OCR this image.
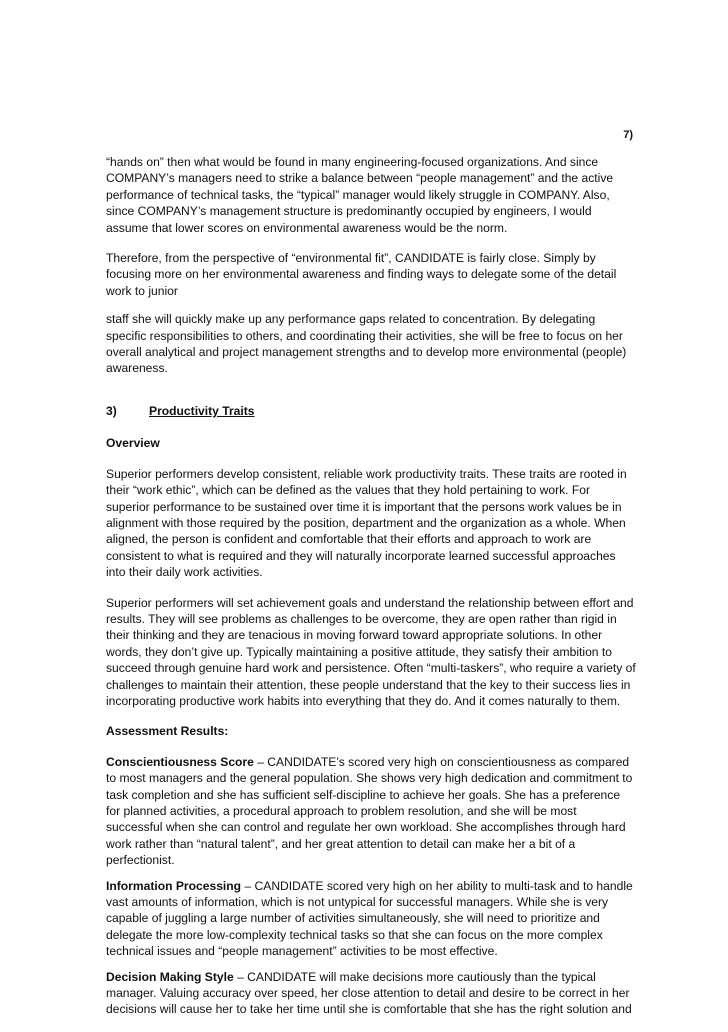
7)

“hands on” then what would be found in many engineering-focused organizations. And since COMPANY’s managers need to strike a balance between “people management” and the active performance of technical tasks, the “typical” manager would likely struggle in COMPANY. Also, since COMPANY’s management structure is predominantly occupied by engineers, I would assume that lower scores on environmental awareness would be the norm.

Therefore, from the perspective of “environmental fit”, CANDIDATE is fairly close. Simply by focusing more on her environmental awareness and finding ways to delegate some of the detail work to junior

staff she will quickly make up any performance gaps related to concentration. By delegating specific responsibilities to others, and coordinating their activities, she will be free to focus on her overall analytical and project management strengths and to develop more environmental (people) awareness.

3)	Productivity Traits
Overview

Superior performers develop consistent, reliable work productivity traits. These traits are rooted in their “work ethic”, which can be defined as the values that they hold pertaining to work. For superior performance to be sustained over time it is important that the persons work values be in alignment with those required by the position, department and the organization as a whole. When aligned, the person is confident and comfortable that their efforts and approach to work are consistent to what is required and they will naturally incorporate learned successful approaches into their daily work activities.

Superior performers will set achievement goals and understand the relationship between effort and results. They will see problems as challenges to be overcome, they are open rather than rigid in their thinking and they are tenacious in moving forward toward appropriate solutions. In other words, they don’t give up. Typically maintaining a positive attitude, they satisfy their ambition to succeed through genuine hard work and persistence. Often “multi-taskers”, who require a variety of challenges to maintain their attention, these people understand that the key to their success lies in incorporating productive work habits into everything that they do. And it comes naturally to them.

Assessment Results:

Conscientiousness Score – CANDIDATE’s scored very high on conscientiousness as compared to most managers and the general population. She shows very high dedication and commitment to task completion and she has sufficient self-discipline to achieve her goals. She has a preference for planned activities, a procedural approach to problem resolution, and she will be most successful when she can control and regulate her own workload. She accomplishes through hard work rather than “natural talent”, and her great attention to detail can make her a bit of a perfectionist.

Information Processing – CANDIDATE scored very high on her ability to multi-task and to handle vast amounts of information, which is not untypical for successful managers. While she is very capable of juggling a large number of activities simultaneously, she will need to prioritize and delegate the more low-complexity technical tasks so that she can focus on the more complex technical issues and “people management” activities to be most effective.

Decision Making Style – CANDIDATE will make decisions more cautiously than the typical manager. Valuing accuracy over speed, her close attention to detail and desire to be correct in her decisions will cause her to take her time until she is comfortable that she has the right solution and
